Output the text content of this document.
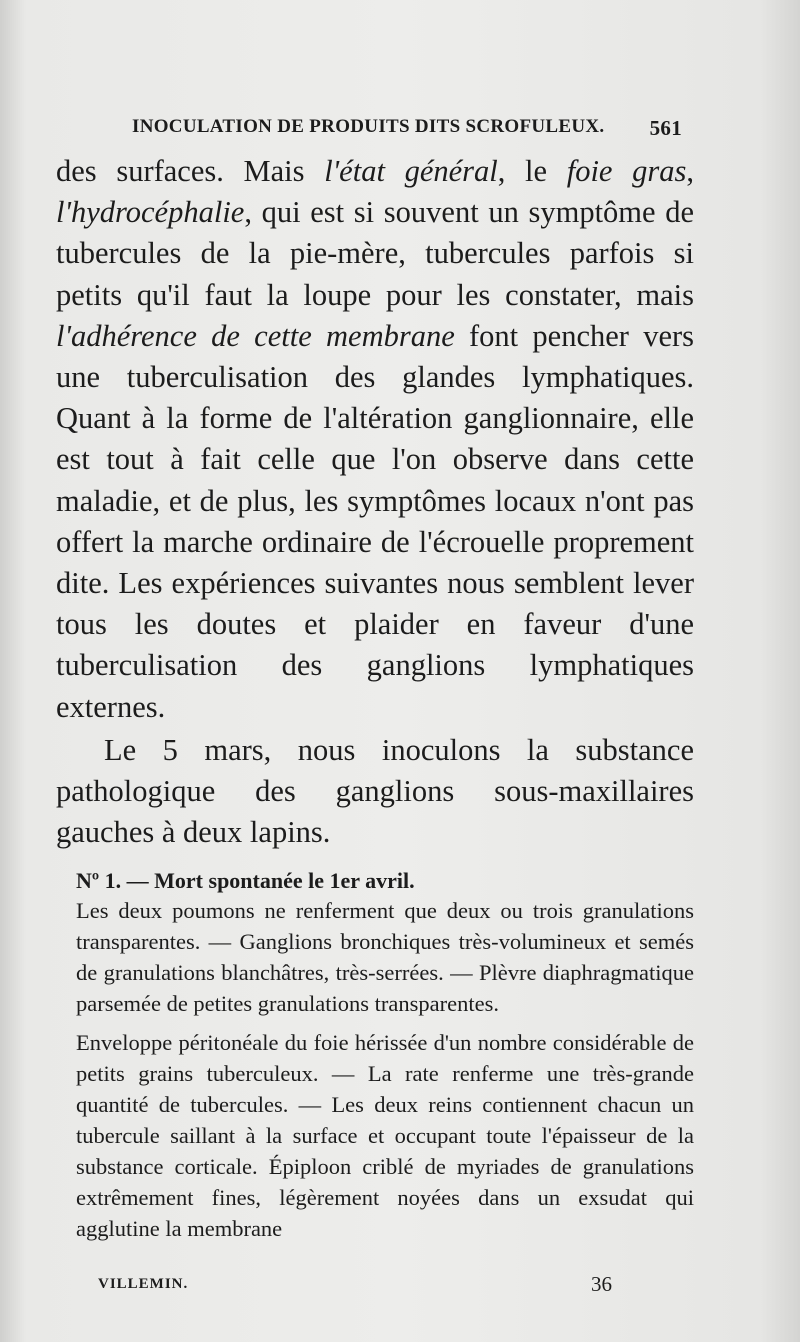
INOCULATION DE PRODUITS DITS SCROFULEUX. 561

des surfaces. Mais l'état général, le foie gras, l'hydrocéphalie, qui est si souvent un symptôme de tubercules de la pie-mère, tubercules parfois si petits qu'il faut la loupe pour les constater, mais l'adhérence de cette membrane font pencher vers une tuberculisation des glandes lymphatiques. Quant à la forme de l'altération ganglionnaire, elle est tout à fait celle que l'on observe dans cette maladie, et de plus, les symptômes locaux n'ont pas offert la marche ordinaire de l'écrouelle proprement dite. Les expériences suivantes nous semblent lever tous les doutes et plaider en faveur d'une tuberculisation des ganglions lymphatiques externes.

Le 5 mars, nous inoculons la substance pathologique des ganglions sous-maxillaires gauches à deux lapins.

Nº 1. — Mort spontanée le 1er avril.

Les deux poumons ne renferment que deux ou trois granulations transparentes. — Ganglions bronchiques très-volumineux et semés de granulations blanchâtres, très-serrées. — Plèvre diaphragmatique parsemée de petites granulations transparentes.

Enveloppe péritonéale du foie hérissée d'un nombre considérable de petits grains tuberculeux. — La rate renferme une très-grande quantité de tubercules. — Les deux reins contiennent chacun un tubercule saillant à la surface et occupant toute l'épaisseur de la substance corticale. Épiploon criblé de myriades de granulations extrêmement fines, légèrement noyées dans un exsudat qui agglutine la membrane

VILLEMIN.	36
